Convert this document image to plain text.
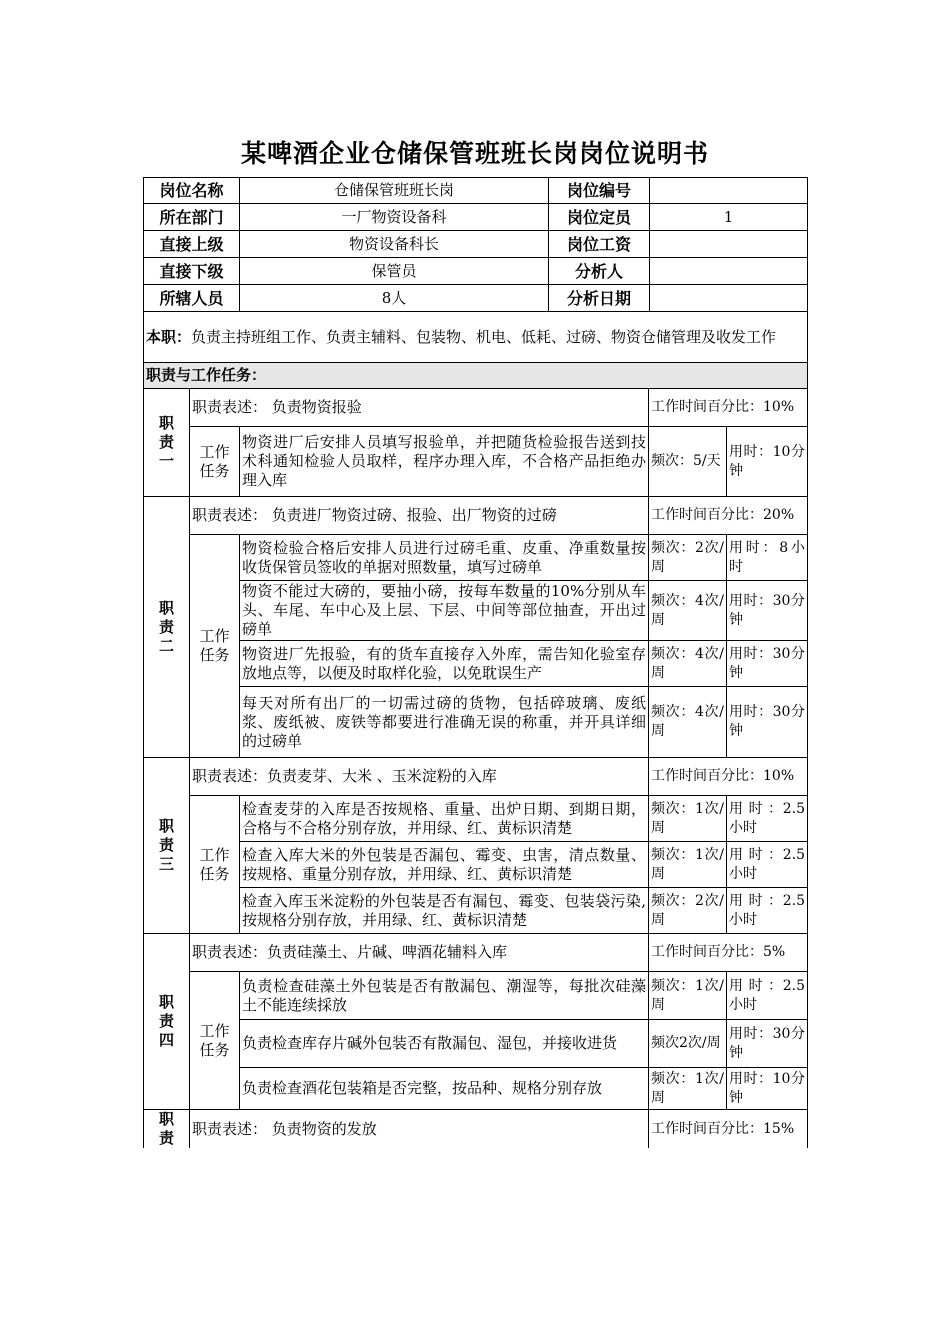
某啤酒企业仓储保管班班长岗岗位说明书
岗位名称	仓储保管班班长岗	岗位编号	
所在部门	一厂物资设备科	岗位定员	1
直接上级	物资设备科长	岗位工资	
直接下级	保管员	分析人	
所辖人员	8人	分析日期	
本职：负责主持班组工作、负责主辅料、包装物、机电、低耗、过磅、物资仓储管理及收发工作			
职责与工作任务：			
职
责
一	职责表述： 负责物资报验		工作时间百分比：10%	
	工作
任务	物资进厂后安排人员填写报验单，并把随货检验报告送到技术科通知检验人员取样，程序办理入库，不合格产品拒绝办理入库	频次：5/天	用时：10分钟
职
责
二	职责表述： 负责进厂物资过磅、报验、出厂物资的过磅		工作时间百分比：20%	
	工作
任务	物资检验合格后安排人员进行过磅毛重、皮重、净重数量按收货保管员签收的单据对照数量，填写过磅单	频次：2次/周	用时：8小时
		物资不能过大磅的，要抽小磅，按每车数量的10%分别从车头、车尾、车中心及上层、下层、中间等部位抽查，开出过磅单	频次：4次/ 周	用时：30分钟
		物资进厂先报验，有的货车直接存入外库，需告知化验室存放地点等，以便及时取样化验，以免耽误生产	频次：4次/ 周	用时：30分钟
		每天对所有出厂的一切需过磅的货物，包括碎玻璃、废纸浆、废纸被、废铁等都要进行准确无误的称重，并开具详细的过磅单	频次：4次/ 周	用时：30分钟
职
责
三	职责表述：负责麦芽、大米 、玉米淀粉的入库		工作时间百分比：10%	
	工作
任务	检查麦芽的入库是否按规格、重量、出炉日期、到期日期，合格与不合格分别存放，并用绿、红、黄标识清楚	频次：1次/周	用 时 ：2.5小时
		检查入库大米的外包装是否漏包、霉变、虫害，清点数量、按规格、重量分别存放，并用绿、红、黄标识清楚	频次：1次/周	用 时 ：2.5小时
		检查入库玉米淀粉的外包装是否有漏包、霉变、包装袋污染,按规格分别存放，并用绿、红、黄标识清楚	频次：2次/周	用 时 ：2.5小时
职
责
四	职责表述：负责硅藻土、片碱、啤酒花辅料入库		工作时间百分比：5%	
	工作
任务	负责检查硅藻土外包装是否有散漏包、潮湿等，每批次硅藻土不能连续採放	频次：1次/周	用 时 ：2.5小时
		负责检查库存片碱外包装否有散漏包、湿包，并接收进货	频次2次/周	用时：30分钟
		负责检查酒花包装箱是否完整，按品种、规格分别存放	频次：1次/周	用时：10分钟
职
责	职责表述： 负责物资的发放		工作时间百分比：15%	
